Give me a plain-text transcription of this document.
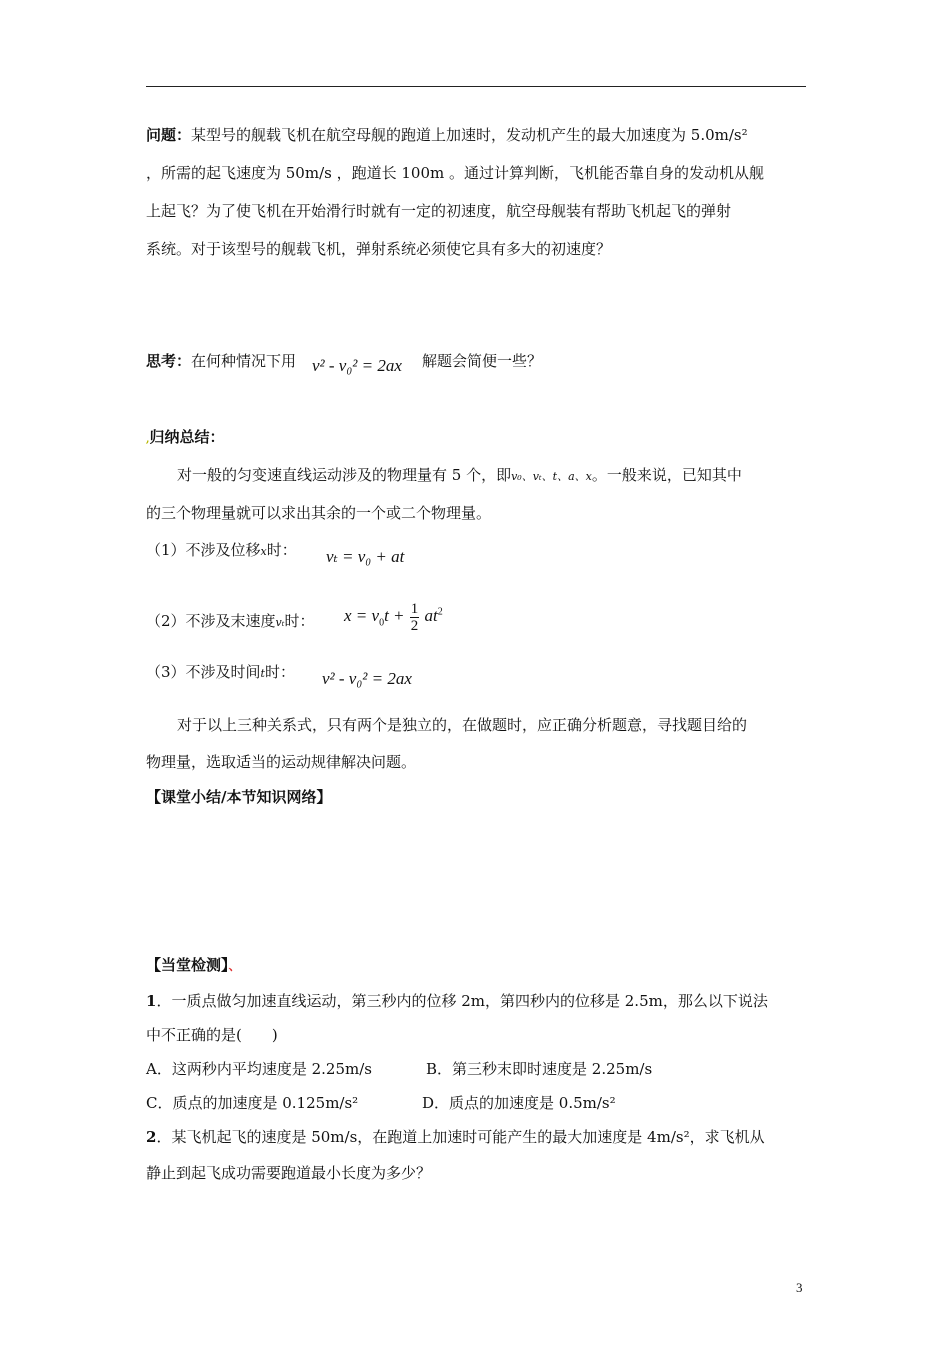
问题：某型号的舰载飞机在航空母舰的跑道上加速时，发动机产生的最大加速度为 5.0m/s²
，所需的起飞速度为 50m/s ，跑道长 100m 。通过计算判断，飞机能否靠自身的发动机从舰
上起飞？为了使飞机在开始滑行时就有一定的初速度，航空母舰装有帮助飞机起飞的弹射
系统。对于该型号的舰载飞机，弹射系统必须使它具有多大的初速度？
思考：在何种情况下用 v² - v₀² = 2ax 解题会简便一些？
,归纳总结：
对一般的匀变速直线运动涉及的物理量有 5 个，即v₀、vₜ、t、a、x。一般来说，已知其中
的三个物理量就可以求出其余的一个或二个物理量。
（1）不涉及位移x时： vₜ = v₀ + at
（2）不涉及末速度vₜ时： $x = v_0t + \frac{1}{2} at^2$
（3）不涉及时间t时： v² - v₀² = 2ax
对于以上三种关系式，只有两个是独立的，在做题时，应正确分析题意，寻找题目给的
物理量，选取适当的运动规律解决问题。
【课堂小结/本节知识网络】
【当堂检测】、
1．一质点做匀加速直线运动，第三秒内的位移 2m，第四秒内的位移是 2.5m，那么以下说法
中不正确的是(　　)
A．这两秒内平均速度是 2.25m/s	B．第三秒末即时速度是 2.25m/s
C．质点的加速度是 0.125m/s²	D．质点的加速度是 0.5m/s²
2．某飞机起飞的速度是 50m/s，在跑道上加速时可能产生的最大加速度是 4m/s²，求飞机从
静止到起飞成功需要跑道最小长度为多少？
3
